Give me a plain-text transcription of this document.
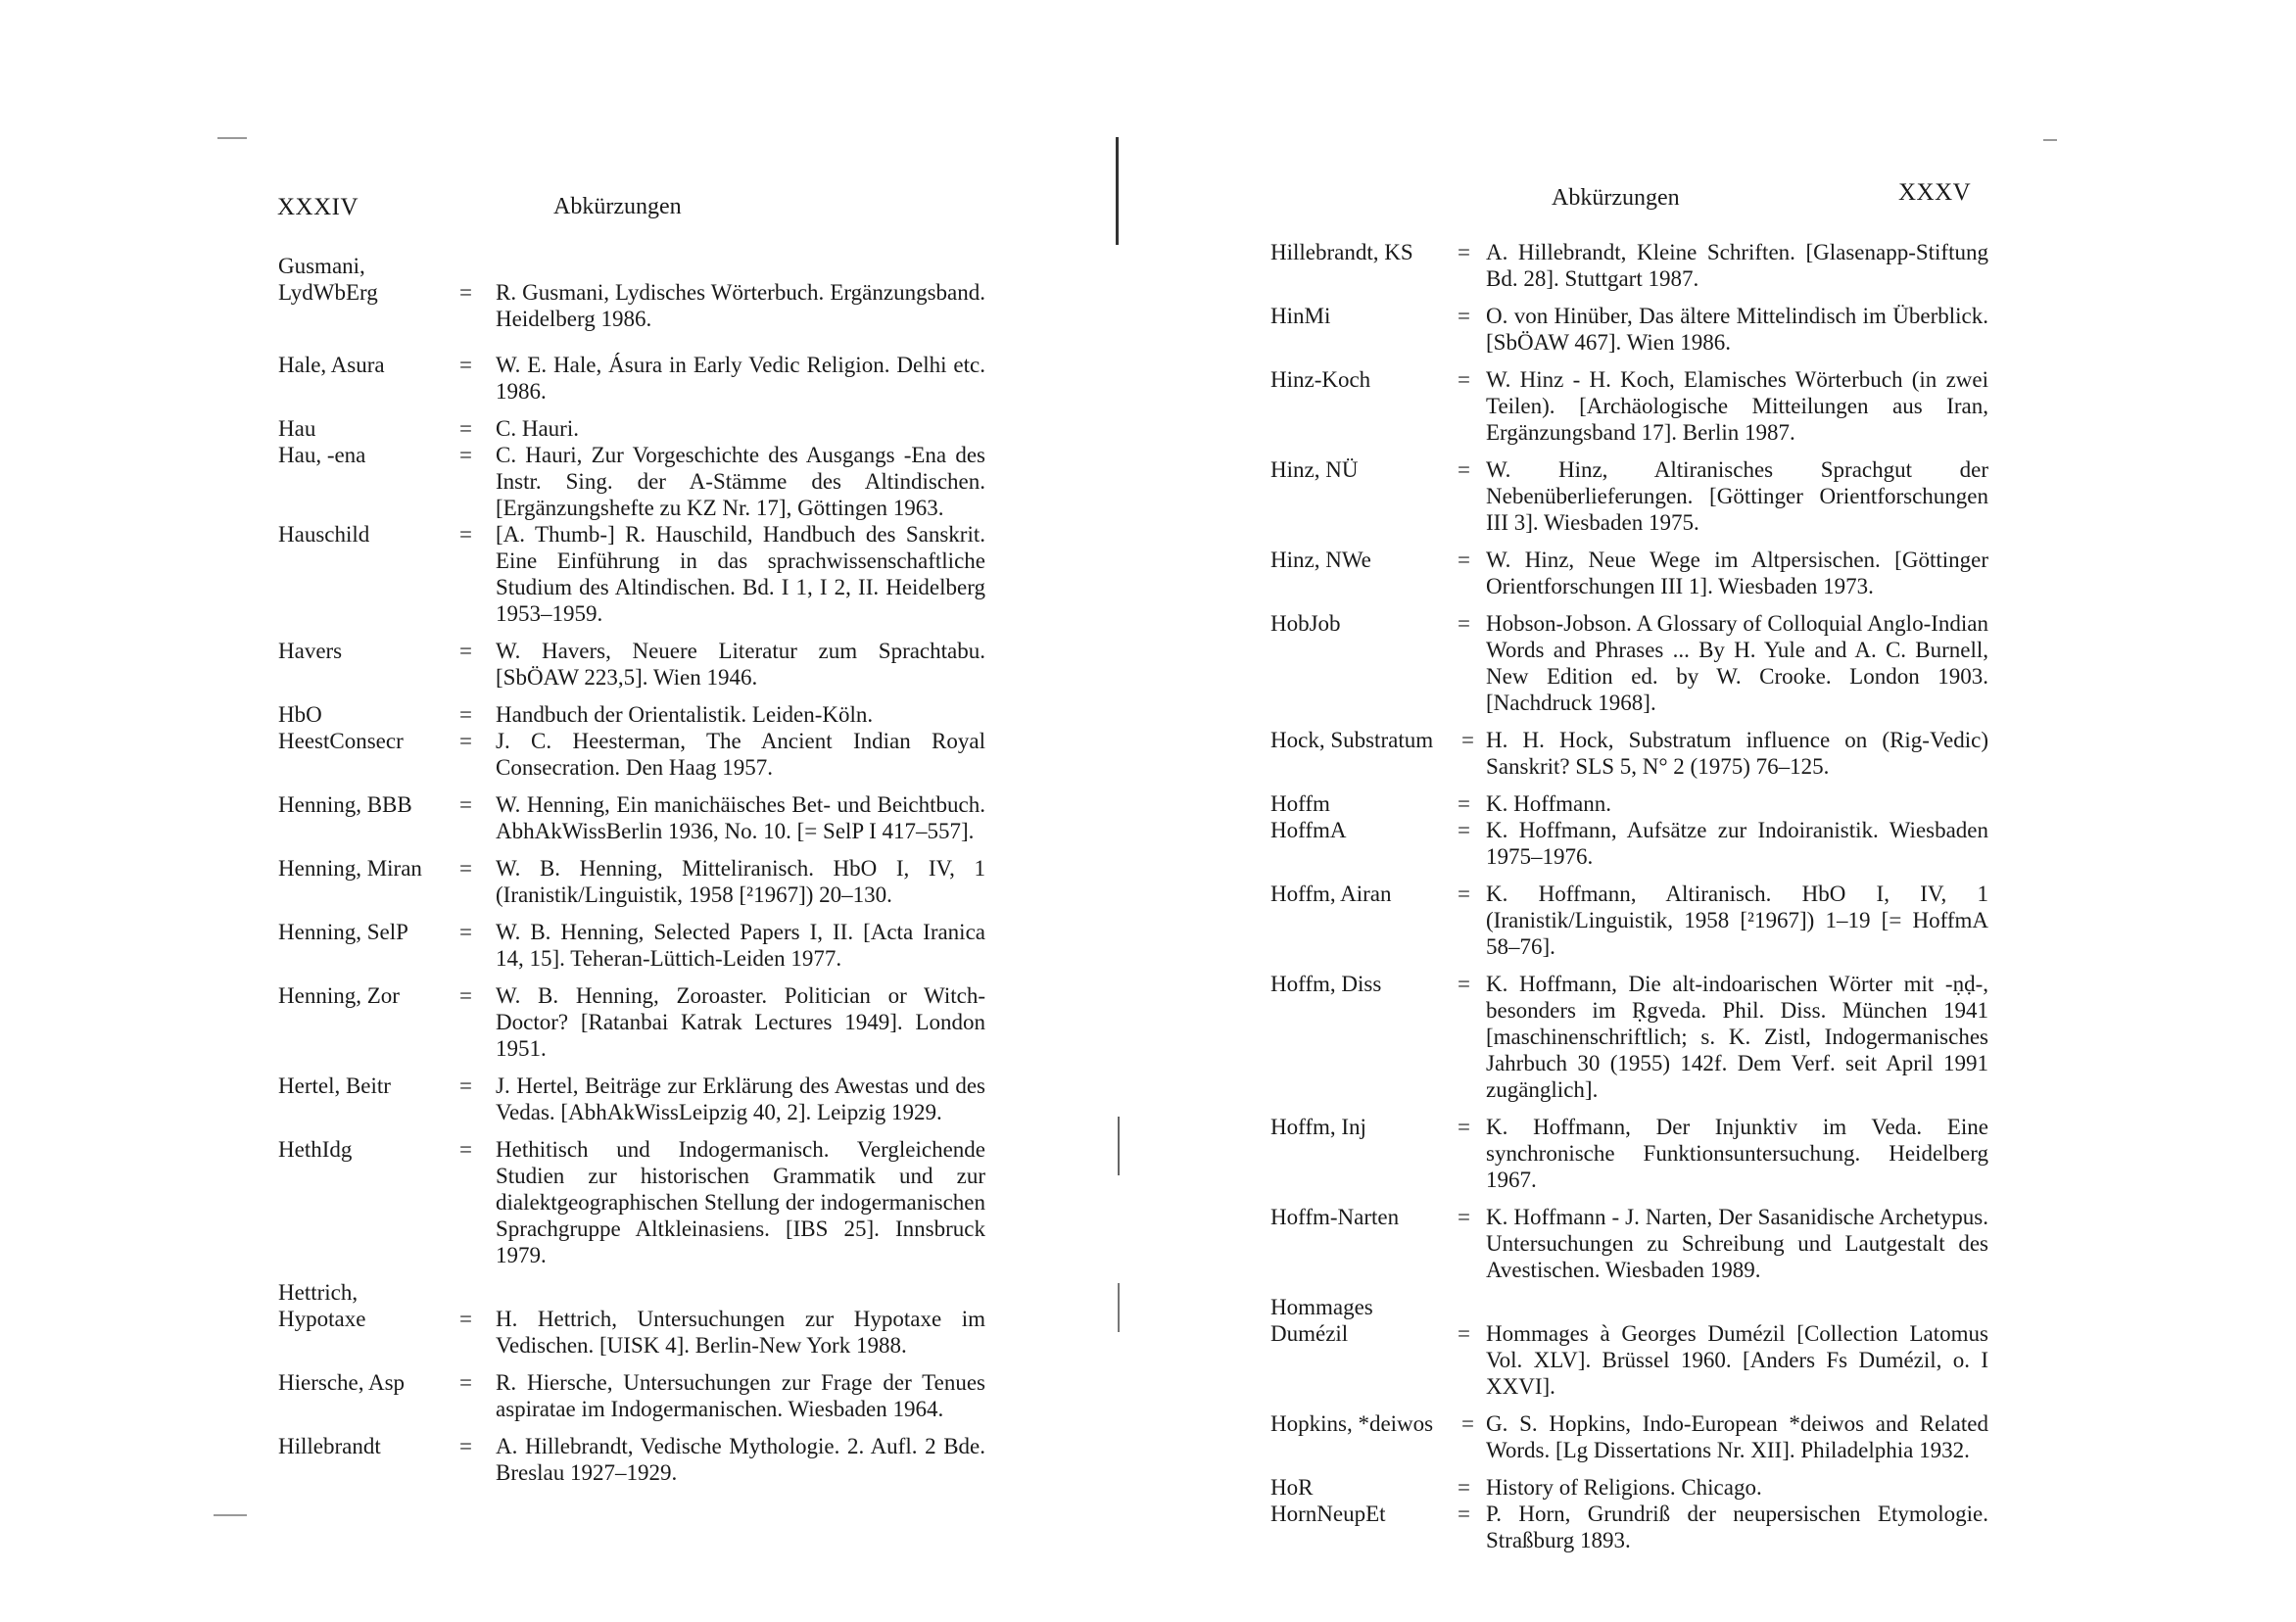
XXXIV	Abkürzungen
Gusmani,
LydWbErg	= R. Gusmani, Lydisches Wörterbuch. Ergänzungsband. Heidelberg 1986.
Hale, Asura	= W. E. Hale, Ásura in Early Vedic Religion. Delhi etc. 1986.
Hau	= C. Hauri.
Hau, -ena	= C. Hauri, Zur Vorgeschichte des Ausgangs -Ena des Instr. Sing. der A-Stämme des Altindischen. [Ergänzungshefte zu KZ Nr. 17], Göttingen 1963.
Hauschild	= [A. Thumb-] R. Hauschild, Handbuch des Sanskrit. Eine Einführung in das sprachwissenschaftliche Studium des Altindischen. Bd. I 1, I 2, II. Heidelberg 1953–1959.
Havers	= W. Havers, Neuere Literatur zum Sprachtabu. [SbÖAW 223,5]. Wien 1946.
HbO	= Handbuch der Orientalistik. Leiden-Köln.
HeestConsecr	= J. C. Heesterman, The Ancient Indian Royal Consecration. Den Haag 1957.
Henning, BBB	= W. Henning, Ein manichäisches Bet- und Beichtbuch. AbhAkWissBerlin 1936, No. 10. [= SelP I 417–557].
Henning, Miran	= W. B. Henning, Mitteliranisch. HbO I, IV, 1 (Iranistik/Linguistik, 1958 [²1967]) 20–130.
Henning, SelP	= W. B. Henning, Selected Papers I, II. [Acta Iranica 14, 15]. Teheran-Lüttich-Leiden 1977.
Henning, Zor	= W. B. Henning, Zoroaster. Politician or Witch-Doctor? [Ratanbai Katrak Lectures 1949]. London 1951.
Hertel, Beitr	= J. Hertel, Beiträge zur Erklärung des Awestas und des Vedas. [AbhAkWissLeipzig 40, 2]. Leipzig 1929.
HethIdg	= Hethitisch und Indogermanisch. Vergleichende Studien zur historischen Grammatik und zur dialektgeographischen Stellung der indogermanischen Sprachgruppe Altkleinasiens. [IBS 25]. Innsbruck 1979.
Hettrich,
Hypotaxe	= H. Hettrich, Untersuchungen zur Hypotaxe im Vedischen. [UISK 4]. Berlin-New York 1988.
Hiersche, Asp	= R. Hiersche, Untersuchungen zur Frage der Tenues aspiratae im Indogermanischen. Wiesbaden 1964.
Hillebrandt	= A. Hillebrandt, Vedische Mythologie. 2. Aufl. 2 Bde. Breslau 1927–1929.
Abkürzungen	XXXV
Hillebrandt, KS	= A. Hillebrandt, Kleine Schriften. [Glasenapp-Stiftung Bd. 28]. Stuttgart 1987.
HinMi	= O. von Hinüber, Das ältere Mittelindisch im Überblick. [SbÖAW 467]. Wien 1986.
Hinz-Koch	= W. Hinz - H. Koch, Elamisches Wörterbuch (in zwei Teilen). [Archäologische Mitteilungen aus Iran, Ergänzungsband 17]. Berlin 1987.
Hinz, NÜ	= W. Hinz, Altiranisches Sprachgut der Nebenüberlieferungen. [Göttinger Orientforschungen III 3]. Wiesbaden 1975.
Hinz, NWe	= W. Hinz, Neue Wege im Altpersischen. [Göttinger Orientforschungen III 1]. Wiesbaden 1973.
HobJob	= Hobson-Jobson. A Glossary of Colloquial Anglo-Indian Words and Phrases ... By H. Yule and A. C. Burnell, New Edition ed. by W. Crooke. London 1903. [Nachdruck 1968].
Hock, Substratum	= H. H. Hock, Substratum influence on (Rig-Vedic) Sanskrit? SLS 5, N° 2 (1975) 76–125.
Hoffm	= K. Hoffmann.
HoffmA	= K. Hoffmann, Aufsätze zur Indoiranistik. Wiesbaden 1975–1976.
Hoffm, Airan	= K. Hoffmann, Altiranisch. HbO I, IV, 1 (Iranistik/Linguistik, 1958 [²1967]) 1–19 [= HoffmA 58–76].
Hoffm, Diss	= K. Hoffmann, Die alt-indoarischen Wörter mit -ṇḍ-, besonders im Ṛgveda. Phil. Diss. München 1941 [maschinenschriftlich; s. K. Zistl, Indogermanisches Jahrbuch 30 (1955) 142f. Dem Verf. seit April 1991 zugänglich].
Hoffm, Inj	= K. Hoffmann, Der Injunktiv im Veda. Eine synchronische Funktionsuntersuchung. Heidelberg 1967.
Hoffm-Narten	= K. Hoffmann - J. Narten, Der Sasanidische Archetypus. Untersuchungen zu Schreibung und Lautgestalt des Avestischen. Wiesbaden 1989.
Hommages
Dumézil	= Hommages à Georges Dumézil [Collection Latomus Vol. XLV]. Brüssel 1960. [Anders Fs Dumézil, o. I XXVI].
Hopkins, *deiwos	= G. S. Hopkins, Indo-European *deiwos and Related Words. [Lg Dissertations Nr. XII]. Philadelphia 1932.
HoR	= History of Religions. Chicago.
HornNeupEt	= P. Horn, Grundriß der neupersischen Etymologie. Straßburg 1893.
